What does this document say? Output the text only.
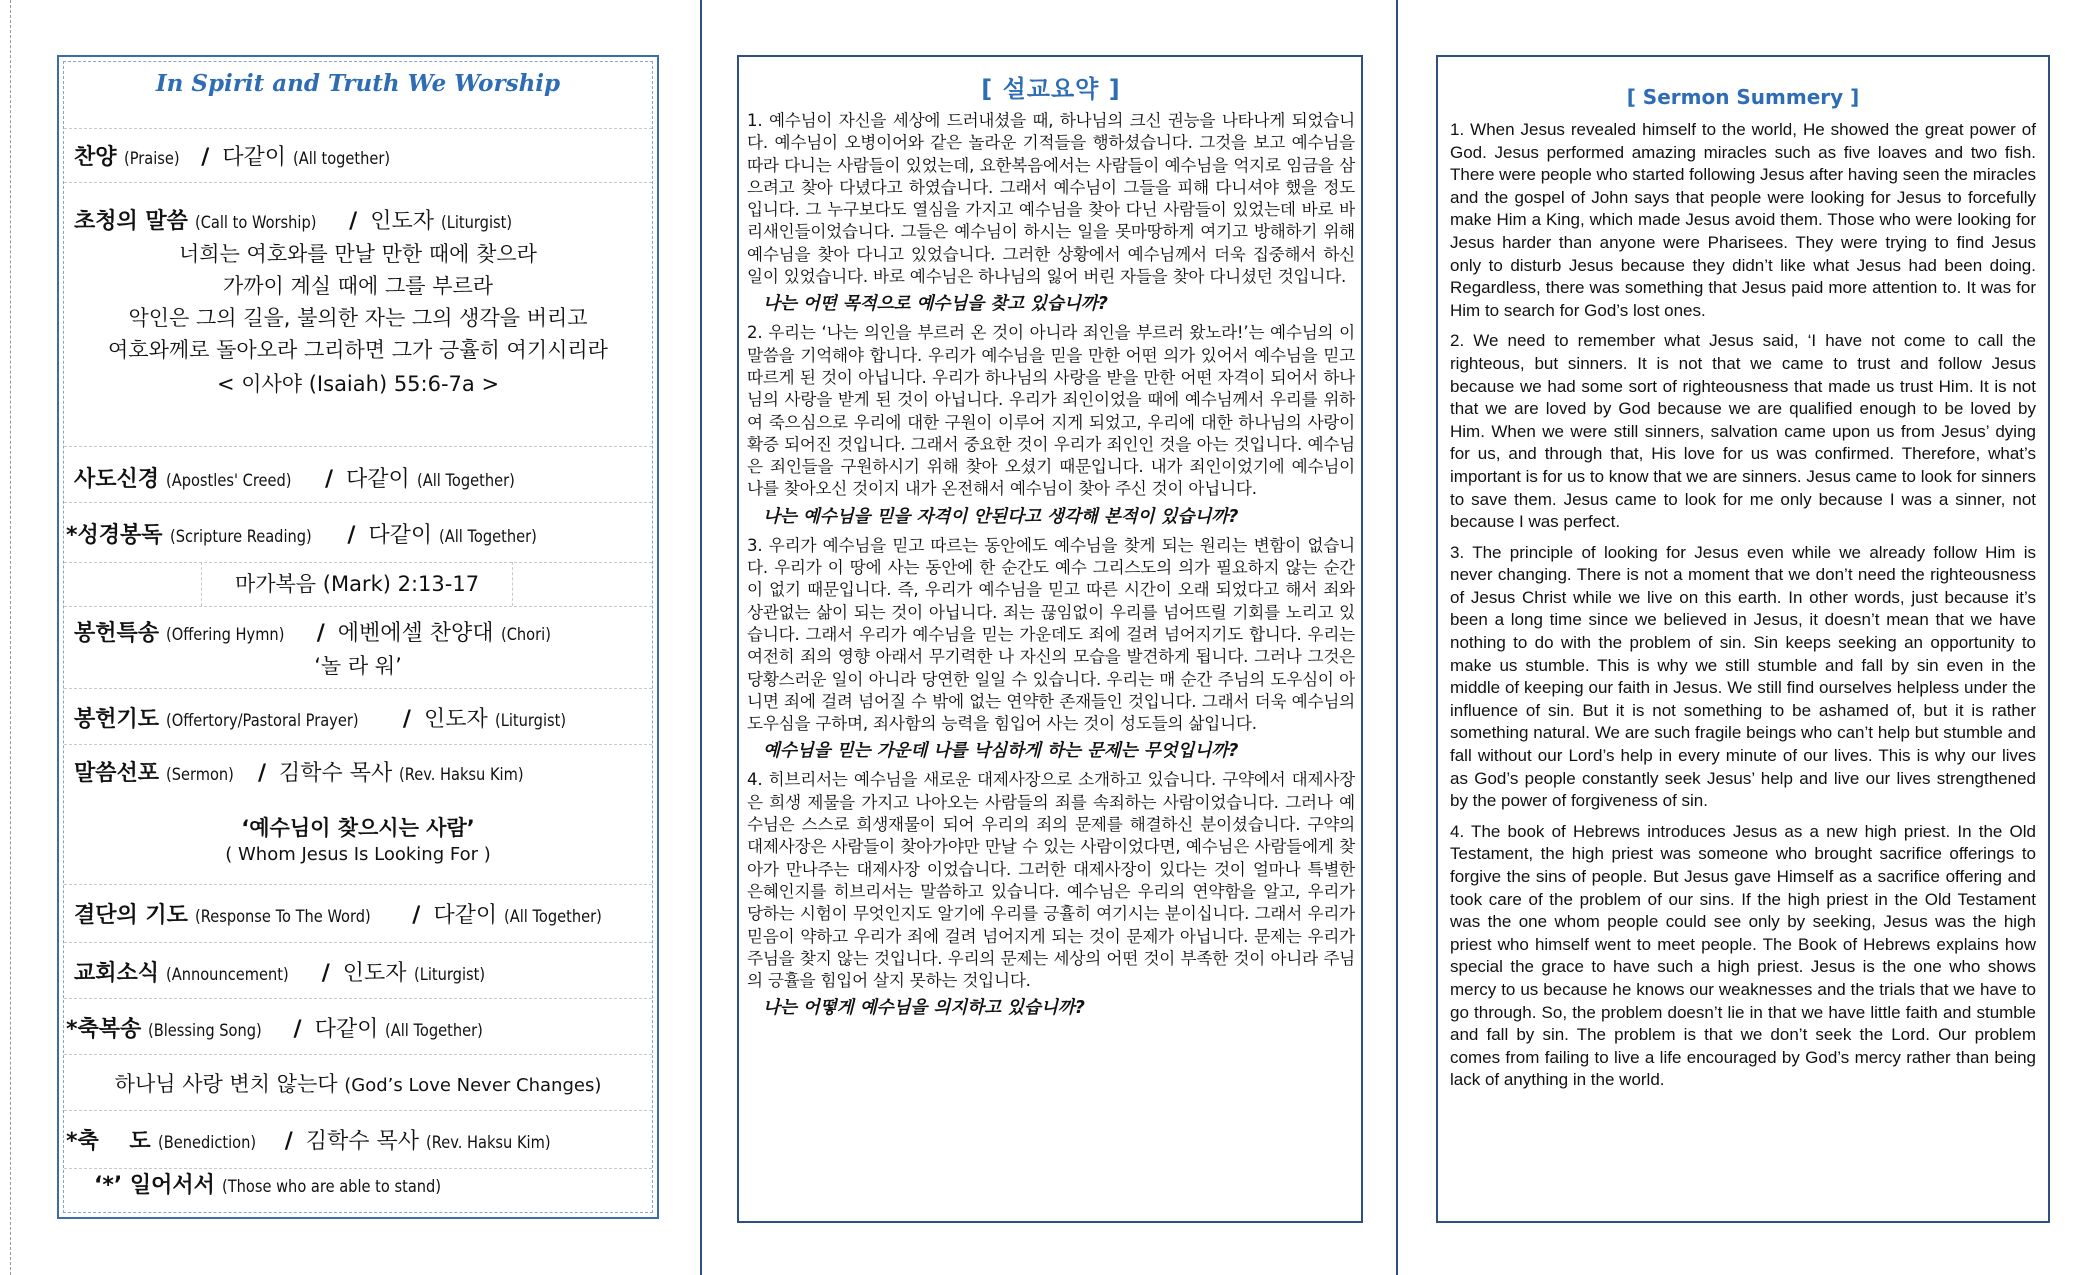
In Spirit and Truth We Worship
찬양 (Praise) / 다같이 (All together)
초청의 말씀 (Call to Worship) / 인도자 (Liturgist)
너희는 여호와를 만날 만한 때에 찾으라
가까이 계실 때에 그를 부르라
악인은 그의 길을, 불의한 자는 그의 생각을 버리고
여호와께로 돌아오라 그리하면 그가 긍휼히 여기시리라
< 이사야 (Isaiah) 55:6-7a >
사도신경 (Apostles' Creed) / 다같이 (All Together)
*성경봉독 (Scripture Reading) / 다같이 (All Together)
마가복음 (Mark) 2:13-17
봉헌특송 (Offering Hymn) / 에벤에셀 찬양대 (Chori)
‘놀 라 워’
봉헌기도 (Offertory/Pastoral Prayer) / 인도자 (Liturgist)
말씀선포 (Sermon) / 김학수 목사 (Rev. Haksu Kim)
‘예수님이 찾으시는 사람’
( Whom Jesus Is Looking For )
결단의 기도 (Response To The Word) / 다같이 (All Together)
교회소식 (Announcement) / 인도자 (Liturgist)
*축복송 (Blessing Song) / 다같이 (All Together)
하나님 사랑 변치 않는다 (God’s Love Never Changes)
*축    도 (Benediction) / 김학수 목사 (Rev. Haksu Kim)
‘*’ 일어서서 (Those who are able to stand)
[ 설교요약 ]

1. 예수님이 자신을 세상에 드러내셨을 때, 하나님의 크신 권능을 나타나게 되었습니다. 예수님이 오병이어와 같은 놀라운 기적들을 행하셨습니다. 그것을 보고 예수님을 따라 다니는 사람들이 있었는데, 요한복음에서는 사람들이 예수님을 억지로 임금을 삼으려고 찾아 다녔다고 하였습니다. 그래서 예수님이 그들을 피해 다니셔야 했을 정도입니다. 그 누구보다도 열심을 가지고 예수님을 찾아 다닌 사람들이 있었는데 바로 바리새인들이었습니다. 그들은 예수님이 하시는 일을 못마땅하게 여기고 방해하기 위해 예수님을 찾아 다니고 있었습니다. 그러한 상황에서 예수님께서 더욱 집중해서 하신 일이 있었습니다. 바로 예수님은 하나님의 잃어 버린 자들을 찾아 다니셨던 것입니다.

나는 어떤 목적으로 예수님을 찾고 있습니까?

2. 우리는 ‘나는 의인을 부르러 온 것이 아니라 죄인을 부르러 왔노라!’는 예수님의 이 말씀을 기억해야 합니다. 우리가 예수님을 믿을 만한 어떤 의가 있어서 예수님을 믿고 따르게 된 것이 아닙니다. 우리가 하나님의 사랑을 받을 만한 어떤 자격이 되어서 하나님의 사랑을 받게 된 것이 아닙니다. 우리가 죄인이었을 때에 예수님께서 우리를 위하여 죽으심으로 우리에 대한 구원이 이루어 지게 되었고, 우리에 대한 하나님의 사랑이 확증 되어진 것입니다. 그래서 중요한 것이 우리가 죄인인 것을 아는 것입니다. 예수님은 죄인들을 구원하시기 위해 찾아 오셨기 때문입니다. 내가 죄인이었기에 예수님이 나를 찾아오신 것이지 내가 온전해서 예수님이 찾아 주신 것이 아닙니다.

나는 예수님을 믿을 자격이 안된다고 생각해 본적이 있습니까?

3. 우리가 예수님을 믿고 따르는 동안에도 예수님을 찾게 되는 원리는 변함이 없습니다. 우리가 이 땅에 사는 동안에 한 순간도 예수 그리스도의 의가 필요하지 않는 순간이 없기 때문입니다. 즉, 우리가 예수님을 믿고 따른 시간이 오래 되었다고 해서 죄와 상관없는 삶이 되는 것이 아닙니다. 죄는 끊임없이 우리를 넘어뜨릴 기회를 노리고 있습니다. 그래서 우리가 예수님을 믿는 가운데도 죄에 걸려 넘어지기도 합니다. 우리는 여전히 죄의 영향 아래서 무기력한 나 자신의 모습을 발견하게 됩니다. 그러나 그것은 당황스러운 일이 아니라 당연한 일일 수 있습니다. 우리는 매 순간 주님의 도우심이 아니면 죄에 걸려 넘어질 수 밖에 없는 연약한 존재들인 것입니다. 그래서 더욱 예수님의 도우심을 구하며, 죄사함의 능력을 힘입어 사는 것이 성도들의 삶입니다.

예수님을 믿는 가운데 나를 낙심하게 하는 문제는 무엇입니까?

4. 히브리서는 예수님을 새로운 대제사장으로 소개하고 있습니다. 구약에서 대제사장은 희생 제물을 가지고 나아오는 사람들의 죄를 속죄하는 사람이었습니다. 그러나 예수님은 스스로 희생재물이 되어 우리의 죄의 문제를 해결하신 분이셨습니다. 구약의 대제사장은 사람들이 찾아가야만 만날 수 있는 사람이었다면, 예수님은 사람들에게 찾아가 만나주는 대제사장 이었습니다. 그러한 대제사장이 있다는 것이 얼마나 특별한 은혜인지를 히브리서는 말씀하고 있습니다. 예수님은 우리의 연약함을 알고, 우리가 당하는 시험이 무엇인지도 알기에 우리를 긍휼히 여기시는 분이십니다. 그래서 우리가 믿음이 약하고 우리가 죄에 걸려 넘어지게 되는 것이 문제가 아닙니다. 문제는 우리가 주님을 찾지 않는 것입니다. 우리의 문제는 세상의 어떤 것이 부족한 것이 아니라 주님의 긍휼을 힘입어 살지 못하는 것입니다.

나는 어떻게 예수님을 의지하고 있습니까?

[ Sermon Summery ]

1. When Jesus revealed himself to the world, He showed the great power of God. Jesus performed amazing miracles such as five loaves and two fish. There were people who started following Jesus after having seen the miracles and the gospel of John says that people were looking for Jesus to forcefully make Him a King, which made Jesus avoid them. Those who were looking for Jesus harder than anyone were Pharisees. They were trying to find Jesus only to disturb Jesus because they didn’t like what Jesus had been doing. Regardless, there was something that Jesus paid more attention to. It was for Him to search for God’s lost ones.

2. We need to remember what Jesus said, ‘I have not come to call the righteous, but sinners. It is not that we came to trust and follow Jesus because we had some sort of righteousness that made us trust Him. It is not that we are loved by God because we are qualified enough to be loved by Him. When we were still sinners, salvation came upon us from Jesus’ dying for us, and through that, His love for us was confirmed. Therefore, what’s important is for us to know that we are sinners. Jesus came to look for sinners to save them. Jesus came to look for me only because I was a sinner, not because I was perfect.

3. The principle of looking for Jesus even while we already follow Him is never changing. There is not a moment that we don’t need the righteousness of Jesus Christ while we live on this earth. In other words, just because it’s been a long time since we believed in Jesus, it doesn’t mean that we have nothing to do with the problem of sin. Sin keeps seeking an opportunity to make us stumble. This is why we still stumble and fall by sin even in the middle of keeping our faith in Jesus. We still find ourselves helpless under the influence of sin. But it is not something to be ashamed of, but it is rather something natural. We are such fragile beings who can’t help but stumble and fall without our Lord’s help in every minute of our lives. This is why our lives as God’s people constantly seek Jesus’ help and live our lives strengthened by the power of forgiveness of sin.

4. The book of Hebrews introduces Jesus as a new high priest. In the Old Testament, the high priest was someone who brought sacrifice offerings to forgive the sins of people. But Jesus gave Himself as a sacrifice offering and took care of the problem of our sins. If the high priest in the Old Testament was the one whom people could see only by seeking, Jesus was the high priest who himself went to meet people. The Book of Hebrews explains how special the grace to have such a high priest. Jesus is the one who shows mercy to us because he knows our weaknesses and the trials that we have to go through. So, the problem doesn’t lie in that we have little faith and stumble and fall by sin. The problem is that we don’t seek the Lord. Our problem comes from failing to live a life encouraged by God’s mercy rather than being lack of anything in the world.
